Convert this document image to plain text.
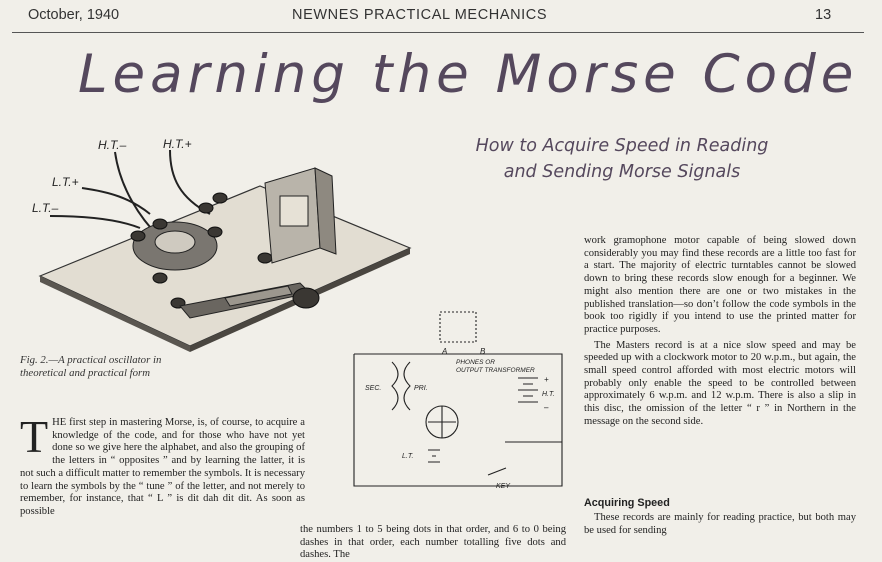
October, 1940	NEWNES PRACTICAL MECHANICS	13
Learning the Morse Code
How to Acquire Speed in Reading
and Sending Morse Signals
H.T.–	H.T.+
L.T.+
L.T.–
Fig. 2.—A practical oscillator in theoretical and practical form
A	B
PHONES OR
OUTPUT TRANSFORMER
SEC.	PRI.
H.T.
L.T.
KEY
+
–
THE first step in mastering Morse, is, of course, to acquire a knowledge of the code, and for those who have not yet done so we give here the alphabet, and also the grouping of the letters in “ opposites ” and by learning the latter, it is not such a difficult matter to remember the symbols. It is necessary to learn the symbols by the “ tune ” of the letter, and not merely to remember, for instance, that “ L ” is dit dah dit dit. As soon as possible
the numbers 1 to 5 being dots in that order, and 6 to 0 being dashes in that order, each number totalling five dots and dashes. The

work gramophone motor capable of being slowed down considerably you may find these records are a little too fast for a start. The majority of electric turntables cannot be slowed down to bring these records slow enough for a beginner. We might also mention there are one or two mistakes in the published translation—so don’t follow the code symbols in the book too rigidly if you intend to use the printed matter for practice purposes.

The Masters record is at a nice slow speed and may be speeded up with a clockwork motor to 20 w.p.m., but again, the small speed control afforded with most electric motors will probably only enable the speed to be controlled between approximately 6 w.p.m. and 12 w.p.m. There is also a slip in this disc, the omission of the letter “ r ” in Northern in the message on the second side.

Acquiring Speed

These records are mainly for reading practice, but both may be used for sending
